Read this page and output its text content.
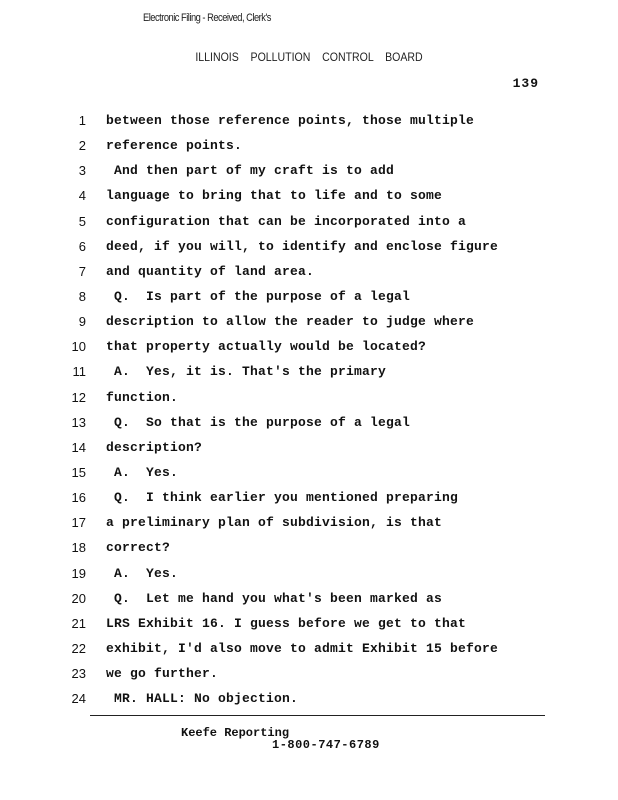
Electronic Filing - Received, Clerk's
ILLINOIS POLLUTION CONTROL BOARD
139
1 between those reference points, those multiple
2 reference points.
3 And then part of my craft is to add
4 language to bring that to life and to some
5 configuration that can be incorporated into a
6 deed, if you will, to identify and enclose figure
7 and quantity of land area.
8 Q.  Is part of the purpose of a legal
9 description to allow the reader to judge where
10 that property actually would be located?
11 A.  Yes, it is. That's the primary
12 function.
13 Q.  So that is the purpose of a legal
14 description?
15 A.  Yes.
16 Q.  I think earlier you mentioned preparing
17 a preliminary plan of subdivision, is that
18 correct?
19 A.  Yes.
20 Q.  Let me hand you what's been marked as
21 LRS Exhibit 16. I guess before we get to that
22 exhibit, I'd also move to admit Exhibit 15 before
23 we go further.
24 MR. HALL: No objection.
Keefe Reporting
1-800-747-6789
